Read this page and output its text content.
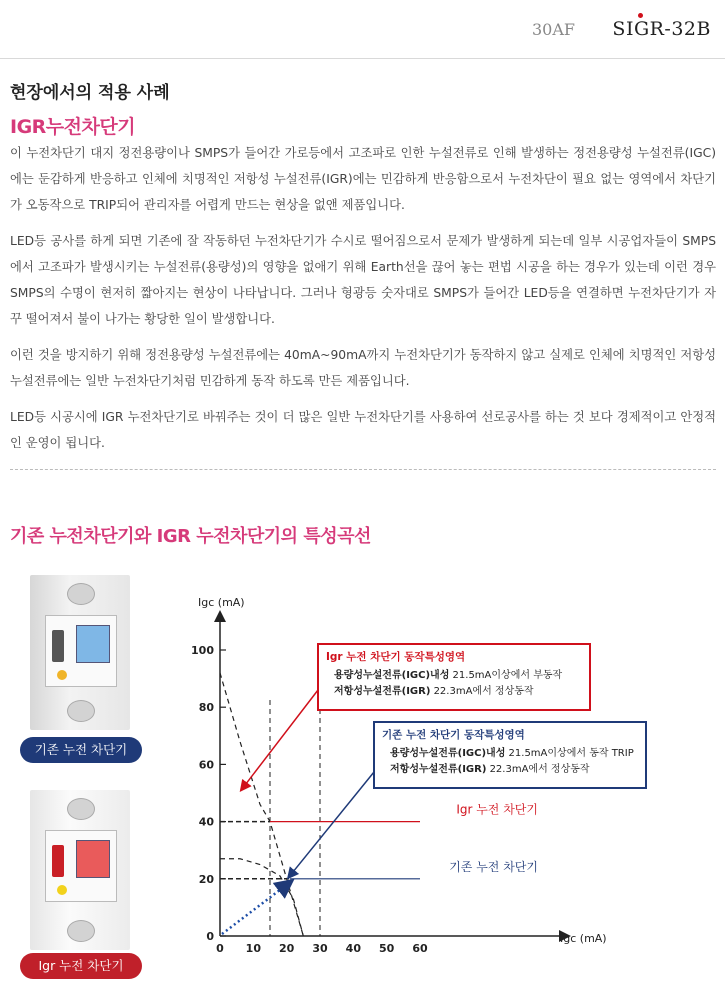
30AF SIGR-32B
현장에서의 적용 사례
IGR누전차단기

이 누전차단기 대지 정전용량이나 SMPS가 들어간 가로등에서 고조파로 인한 누설전류로 인해 발생하는 정전용량성 누설전류(IGC)에는 둔감하게 반응하고 인체에 치명적인 저항성 누설전류(IGR)에는 민감하게 반응함으로서 누전차단이 필요 없는 영역에서 차단기가 오동작으로 TRIP되어 관리자를 어렵게 만드는 현상을 없앤 제품입니다.

LED등 공사를 하게 되면 기존에 잘 작동하던 누전차단기가 수시로 떨어짐으로서 문제가 발생하게 되는데 일부 시공업자들이 SMPS에서 고조파가 발생시키는 누설전류(용량성)의 영향을 없애기 위해 Earth선을 끊어 놓는 편법 시공을 하는 경우가 있는데 이런 경우 SMPS의 수명이 현저히 짧아지는 현상이 나타납니다. 그러나 형광등 숫자대로 SMPS가 들어간 LED등을 연결하면 누전차단기가 자꾸 떨어져서 불이 나가는 황당한 일이 발생합니다.

이런 것을 방지하기 위해 정전용량성 누설전류에는 40mA~90mA까지 누전차단기가 동작하지 않고 실제로 인체에 치명적인 저항성 누설전류에는 일반 누전차단기처럼 민감하게 동작 하도록 만든 제품입니다.

LED등 시공시에 IGR 누전차단기로 바꿔주는 것이 더 많은 일반 누전차단기를 사용하여 선로공사를 하는 것 보다 경제적이고 안정적인 운영이 됩니다.

기존 누전차단기와 IGR 누전차단기의 특성곡선
기존 누전 차단기
Igr 누전 차단기
Igc (mA)
Igc (mA)
0 10 20 30 40 50 60
0
20
40
60
80
100
Igr 누전 차단기
기존 누전 차단기
Igr 누전 차단기 동작특성영역
용량성누설전류(IGC)내성 21.5mA이상에서 부동작
저항성누설전류(IGR) 22.3mA에서 정상동작
기존 누전 차단기 동작특성영역
용량성누설전류(IGC)내성 21.5mA이상에서 동작 TRIP
저항성누설전류(IGR) 22.3mA에서 정상동작
